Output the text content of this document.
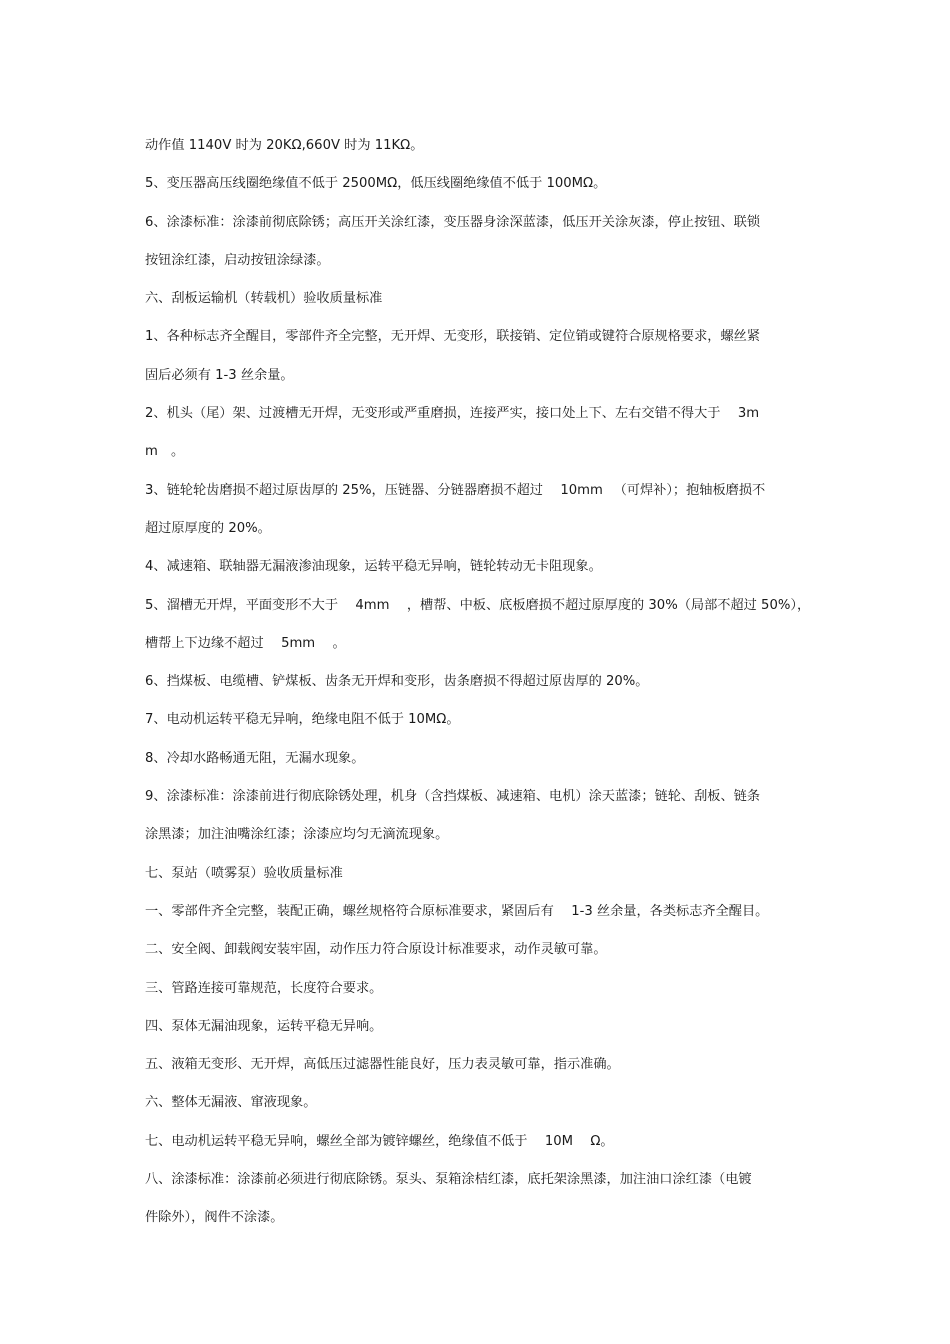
动作值 1140V 时为 20KΩ,660V 时为 11KΩ。
5、变压器高压线圈绝缘值不低于 2500MΩ，低压线圈绝缘值不低于 100MΩ。
6、涂漆标准：涂漆前彻底除锈；高压开关涂红漆，变压器身涂深蓝漆，低压开关涂灰漆，停止按钮、联锁
按钮涂红漆，启动按钮涂绿漆。
六、刮板运输机（转载机）验收质量标准
1、各种标志齐全醒目，零部件齐全完整，无开焊、无变形，联接销、定位销或键符合原规格要求，螺丝紧
固后必须有 1-3 丝余量。
2、机头（尾）架、过渡槽无开焊，无变形或严重磨损，连接严实，接口处上下、左右交错不得大于 　3m
m　。
3、链轮轮齿磨损不超过原齿厚的 25%，压链器、分链器磨损不超过 　10mm 　（可焊补）；抱轴板磨损不
超过原厚度的 20%。
4、减速箱、联轴器无漏液渗油现象，运转平稳无异响，链轮转动无卡阻现象。
5、溜槽无开焊，平面变形不大于 　4mm 　，槽帮、中板、底板磨损不超过原厚度的 30%（局部不超过 50%），
槽帮上下边缘不超过 　5mm 　。
6、挡煤板、电缆槽、铲煤板、齿条无开焊和变形，齿条磨损不得超过原齿厚的 20%。
7、电动机运转平稳无异响，绝缘电阻不低于 10MΩ。
8、冷却水路畅通无阻，无漏水现象。
9、涂漆标准：涂漆前进行彻底除锈处理，机身（含挡煤板、减速箱、电机）涂天蓝漆；链轮、刮板、链条
涂黑漆；加注油嘴涂红漆；涂漆应均匀无滴流现象。
七、泵站（喷雾泵）验收质量标准
一、零部件齐全完整，装配正确，螺丝规格符合原标准要求，紧固后有 　1-3 丝余量，各类标志齐全醒目。
二、安全阀、卸载阀安装牢固，动作压力符合原设计标准要求，动作灵敏可靠。
三、管路连接可靠规范，长度符合要求。
四、泵体无漏油现象，运转平稳无异响。
五、液箱无变形、无开焊，高低压过滤器性能良好，压力表灵敏可靠，指示准确。
六、整体无漏液、窜液现象。
七、电动机运转平稳无异响，螺丝全部为镀锌螺丝，绝缘值不低于 　10M 　Ω。
八、涂漆标准：涂漆前必须进行彻底除锈。泵头、泵箱涂桔红漆，底托架涂黑漆，加注油口涂红漆（电镀
件除外），阀件不涂漆。
